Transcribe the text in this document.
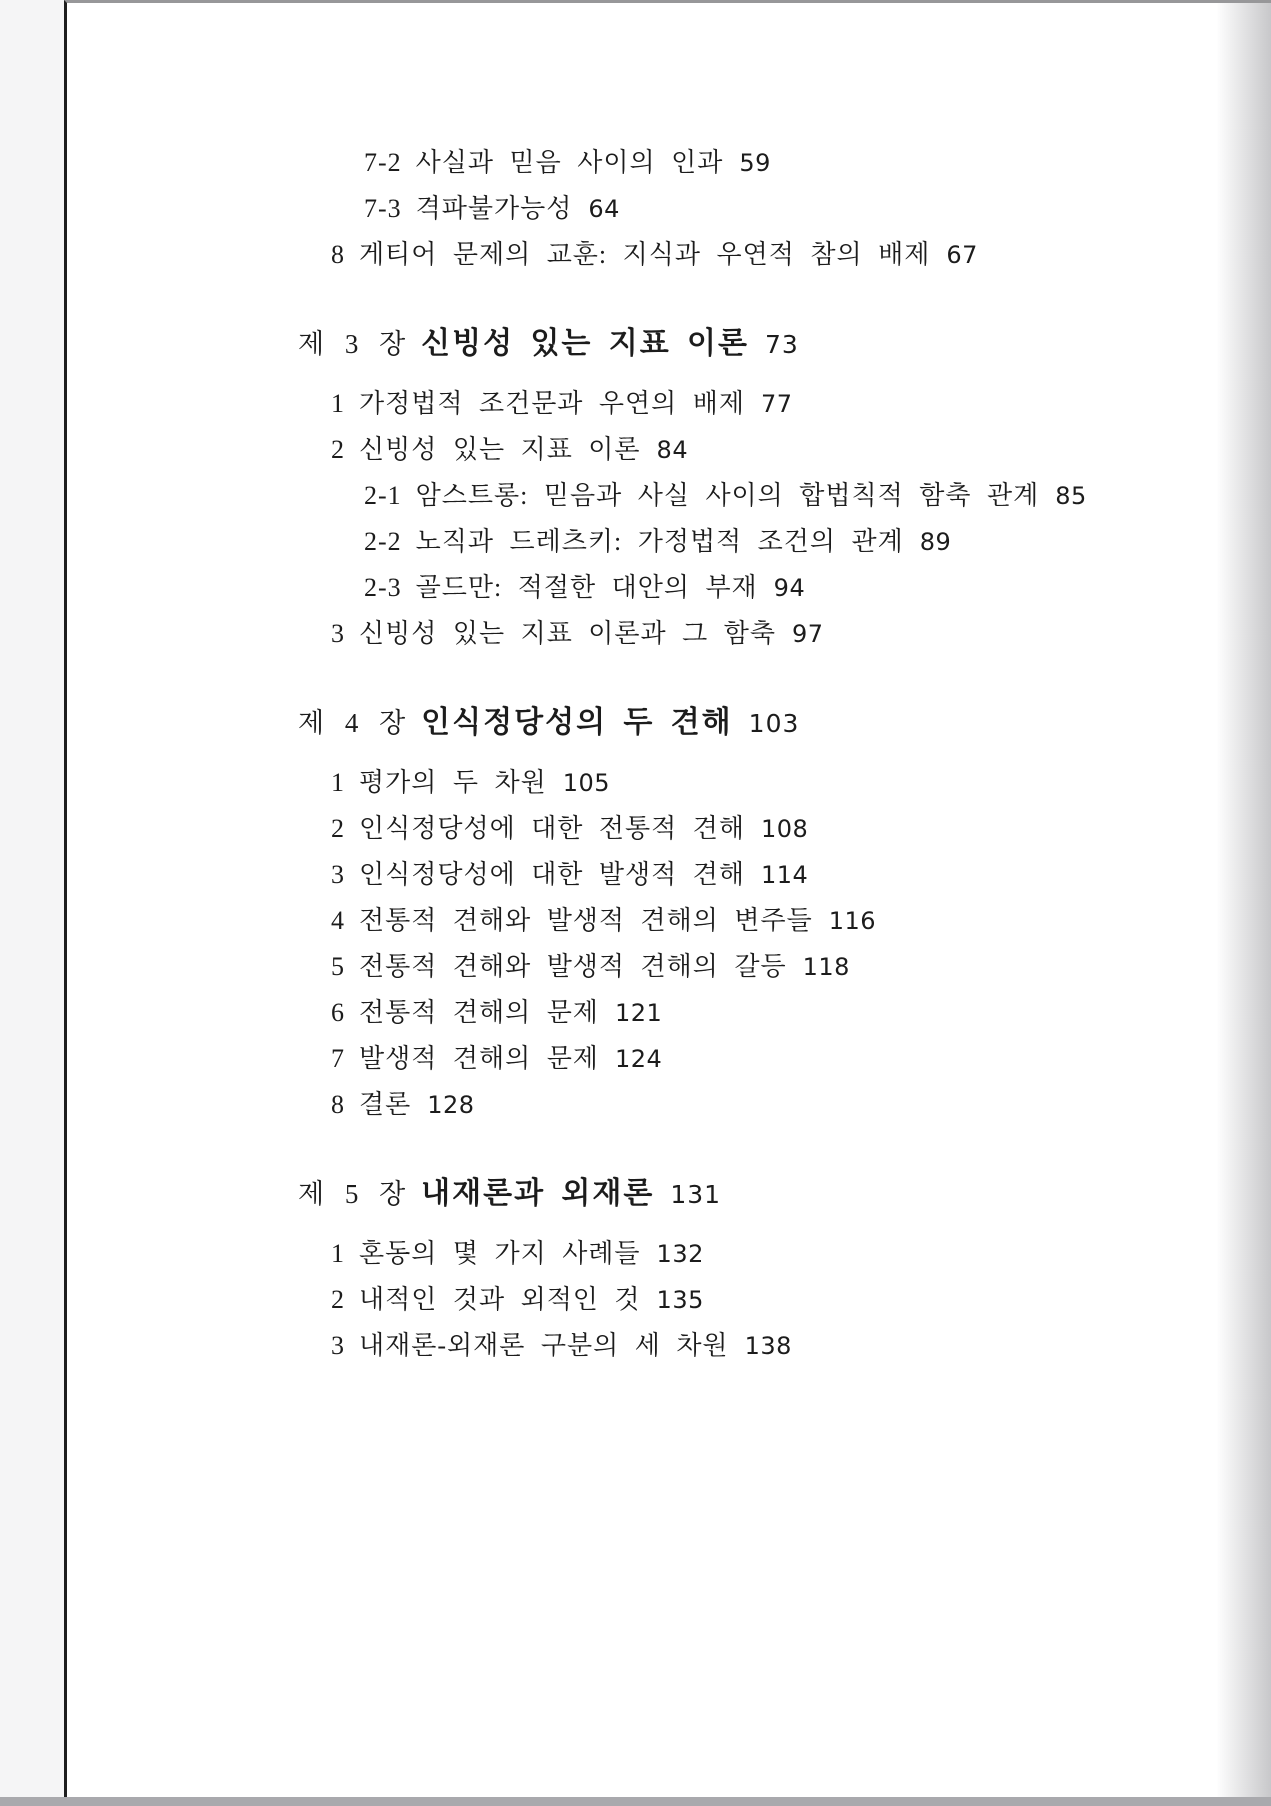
7-2 사실과 믿음 사이의 인과 59
7-3 격파불가능성 64
8 게티어 문제의 교훈: 지식과 우연적 참의 배제 67
제 3 장 신빙성 있는 지표 이론 73
1 가정법적 조건문과 우연의 배제 77
2 신빙성 있는 지표 이론 84
2-1 암스트롱: 믿음과 사실 사이의 합법칙적 함축 관계 85
2-2 노직과 드레츠키: 가정법적 조건의 관계 89
2-3 골드만: 적절한 대안의 부재 94
3 신빙성 있는 지표 이론과 그 함축 97
제 4 장 인식정당성의 두 견해 103
1 평가의 두 차원 105
2 인식정당성에 대한 전통적 견해 108
3 인식정당성에 대한 발생적 견해 114
4 전통적 견해와 발생적 견해의 변주들 116
5 전통적 견해와 발생적 견해의 갈등 118
6 전통적 견해의 문제 121
7 발생적 견해의 문제 124
8 결론 128
제 5 장 내재론과 외재론 131
1 혼동의 몇 가지 사례들 132
2 내적인 것과 외적인 것 135
3 내재론-외재론 구분의 세 차원 138
